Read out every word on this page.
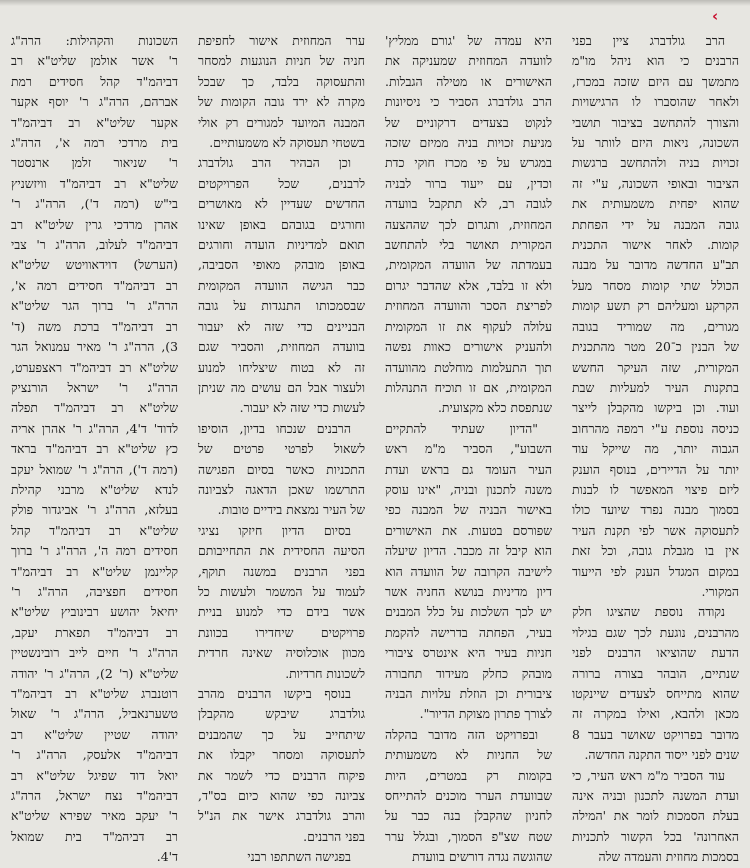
‹

הרב גולדברג ציין בפני
הרבנים כי הוא ניהל מו"מ
מתמשך עם היזם שזכה במכרז,
ולאחר שהוסברו לו הרגישויות
והצורך להתחשב בציבור תושבי
השכונה, ניאות היזם לוותר על
זכויות בניה ולהתחשב ברגשות
הציבור ובאופי השכונה, ע"י זה
שהוא יפחית משמעותית את
גובה המבנה על ידי הפחתת
קומות. לאחר אישור התכנית
תב"ע החדשה מדובר על מבנה
הכולל שתי קומות מסחר מעל
הקרקע ומעליהם רק תשע קומות
מגורים, מה שמוריד בגובה
של הבנין כ־20 מטר מהתכנית
המקורית, שזה העיקר החשש
בתקנות העיר למעליות שבת
ועוד. וכן ביקשו מהקבלן לייצר
כניסה נוספת ע"י רמפה מהרחוב
הגבוה יותר, מה שייקל עוד
יותר על הדיירים, בנוסף הוענק
ליזם פיצוי המאפשר לו לבנות
בסמוך מבנה נפרד שיועד כולו
לתעסוקה אשר לפי תקנת העיר
אין בו מגבלת גובה, וכל זאת
במקום המגדל הענק לפי הייעוד
המקורי.

נקודה נוספת שהציגו חלק
מהרבנים, נוגעת לכך שגם בגילוי
הדעת שהוציאו הרבנים לפני
שנתיים, הובהר בצורה ברורה
שהוא מתייחס לצעדים שיינקטו
מכאן ולהבא, ואילו במקרה זה
מדובר בפרויקט שאושר בעבר 8
שנים לפני ייסוד התקנה החדשה.

עוד הסביר מ"מ ראש העיר, כי
ועדת המשנה לתכנון ובניה אינה
בעלת הסמכות לומר את 'המילה
האחרונה' בכל הקשור לתכניות
בסמכות מחוזית והעמדה שלה

היא עמדה של 'גורם ממליץ'
לוועדה המחוזית שמעניקה את
האישורים או מטילה הגבלות.
הרב גולדברג הסביר כי ניסיונות
לנקוט בצעדים דרקוניים של
מניעת זכויות בניה ממיזם שזכה
במגרש על פי מכרז חוקי כדת
וכדין, עם ייעוד ברור לבניה
לגובה רב, לא תתקבל בוועדה
המחוזית, ותגרום לכך שההצעה
המקורית תאושר בלי להתחשב
בעמדתה של הוועדה המקומית,
ולא זו בלבד, אלא שהדבר יגרום
לפריצת הסכר והוועדה המחוזית
עלולה לעקוף את זו המקומית
ולהעניק אישורים כאוות נפשה
תוך התעלמות מוחלטת מהוועדה
המקומית, אם זו תוכיח התנהלות
שנתפסת כלא מקצועית.

"הדיון שעתיד להתקיים
השבוע", הסביר מ"מ ראש
העיר העומד גם בראש ועדת
משנה לתכנון ובניה, "אינו עוסק
באישור הבניה של המבנה כפי
שפורסם בטעות. את האישורים
הוא קיבל זה מכבר. הדיון שיעלה
לישיבה הקרובה של הוועדה הוא
דיון מדיניות בנושא החניה אשר
יש לכך השלכות על כלל המבנים
בעיר, הפחתה בדרישה להקמת
חניות בעיר היא אינטרס ציבורי
מובהק כחלק מעידוד תחבורה
ציבורית וכן הוזלת עלויות הבניה
לצורך פתרון מצוקת הדיור".

ובפרויקט הזה מדובר בהקלה
של החניות לא משמעותית
בקומות רק במטרים, היות
שבוועדת הערר מוכנים להתייחס
לחניון שהקבלן בנה כבר על
שטח שצ"פ הסמוך, ובגלל ערר
שהוגשה נגדה דורשים בוועדת

ערר המחוזית אישור לחפיפת
חניה של חניות הנוגעות למסחר
והתעסוקה בלבד, כך שבכל
מקרה לא ירד גובה הקומות של
המבנה המיועד למגורים רק אולי
בשטחי תעסוקה לא משמעותיים.

וכן הבהיר הרב גולדברג
לרבנים, שכל הפרויקטים
החדשים שעדיין לא מאושרים
וחורגים בגובהם באופן שאינו
תואם למדיניות הועדה וחורגים
באופן מובהק מאופי הסביבה,
כבר הגישה הוועדה המקומית
שבסמכותו התנגדות על גובה
הבניינים כדי שזה לא יעבור
בוועדה המחוזית, והסביר שגם
זה לא בטוח שיצליחו למנוע
ולעצור אבל הם עושים מה שניתן
לעשות כדי שזה לא יעבור.

הרבנים שנכחו בדיון, הוסיפו
לשאול לפרטי פרטים של
התכניות כאשר בסיום הפגישה
התרשמו שאכן הדאגה לצביונה
של העיר נמצאת בידיים טובות.

בסיום הדיון חיזקו נציגי
הסיעה החסידית את התחייבותם
בפני הרבנים במשנה תוקף,
לעמוד על המשמר ולעשות כל
אשר בידם כדי למנוע בניית
פרויקטים שיחדירו בכוונת
מכוון אוכלוסיה שאינה חרדית
לשכונות חרדיות.

בנוסף ביקשו הרבנים מהרב
גולדברג שיבקש מהקבלן
שיתחייב על כך שהמבנים
לתעסוקה ומסחר יקבלו את
פיקוח הרבנים כדי לשמר את
צביונה כפי שהוא כיום בס"ד,
והרב גולדברג אישר את הנ"ל
בפני הרבנים.

בפגישה השתתפו רבני

השכונות והקהילות: הרה"ג
ר' אשר אולמן שליט"א רב
דביהמ"ד קהל חסידים רמת
אברהם, הרה"ג ר' יוסף אקער
אקער שליט"א רב דביהמ"ד
בית מרדכי רמה א', הרה"ג
ר' שניאור זלמן ארנסטר
שליט"א רב דביהמ"ד וויזשניץ
בי"ש (רמה ד'), הרה"ג ר'
אהרן מרדכי גרין שליט"א רב
דביהמ"ד לעלוב, הרה"ג ר' צבי
(הערשל) דוידאוויטש שליט"א
רב דביהמ"ד חסידים רמה א',
הרה"ג ר' ברוך הגר שליט"א
רב דביהמ"ד ברכת משה (ד'
3), הרה"ג ר' מאיר עמנואל הגר
שליט"א רב דביהמ"ד ראצפערט,
הרה"ג ר' ישראל הורנציק
שליט"א רב דביהמ"ד תפלה
לדוד' ד'4, הרה"ג ר' אהרן אריה
כץ שליט"א רב דביהמ"ד בראד
(רמה ד'), הרה"ג ר' שמואל יעקב
לנדא שליט"א מרבני קהילת
בעלזא, הרה"ג ר' אביגדור פולק
שליט"א רב דביהמ"ד קהל
חסידים רמה ה', הרה"ג ר' ברוך
קליינמן שליט"א רב דביהמ"ד
חסידים חפציבה, הרה"ג ר'
יחיאל יהושע רבינוביץ שליט"א
רב דביהמ"ד תפארת יעקב,
הרה"ג ר' חיים לייב רובינשטיין
שליט"א (ר' 2), הרה"ג ר' יהודה
רוטנברג שליט"א רב דביהמ"ד
טשערנאביל, הרה"ג ר' שאול
יהודה שטיין שליט"א רב
דביהמ"ד אלעסק, הרה"ג ר'
יואל דוד שפיגל שליט"א רב
דביהמ"ד נצח ישראל, הרה"ג
ר' יעקב מאיר שפירא שליט"א
רב דביהמ"ד בית שמואל
ד'4.
